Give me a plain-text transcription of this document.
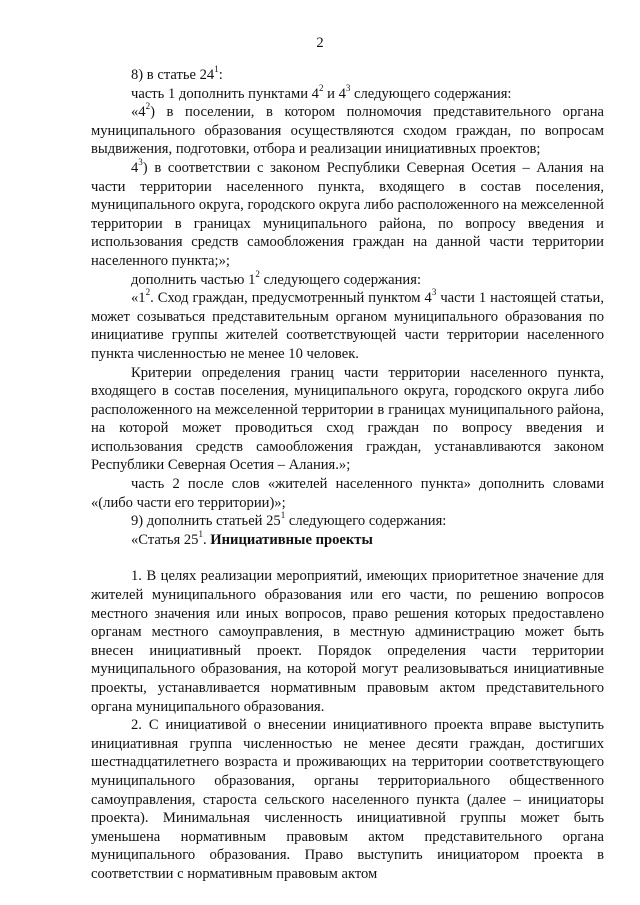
2

8) в статье $24^1$:

часть 1 дополнить пунктами $4^2$ и $4^3$ следующего содержания:

«$4^2$) в поселении, в котором полномочия представительного органа муниципального образования осуществляются сходом граждан, по вопросам выдвижения, подготовки, отбора и реализации инициативных проектов;

$4^3$) в соответствии с законом Республики Северная Осетия – Алания на части территории населенного пункта, входящего в состав поселения, муниципального округа, городского округа либо расположенного на межселенной территории в границах муниципального района, по вопросу введения и использования средств самообложения граждан на данной части территории населенного пункта;»;

дополнить частью $1^2$ следующего содержания:

«$1^2$. Сход граждан, предусмотренный пунктом $4^3$ части 1 настоящей статьи, может созываться представительным органом муниципального образования по инициативе группы жителей соответствующей части территории населенного пункта численностью не менее 10 человек.

Критерии определения границ части территории населенного пункта, входящего в состав поселения, муниципального округа, городского округа либо расположенного на межселенной территории в границах муниципального района, на которой может проводиться сход граждан по вопросу введения и использования средств самообложения граждан, устанавливаются законом Республики Северная Осетия – Алания.»;

часть 2 после слов «жителей населенного пункта» дополнить словами «(либо части его территории)»;

9) дополнить статьей $25^1$ следующего содержания:

«Статья $25^1$. Инициативные проекты

1. В целях реализации мероприятий, имеющих приоритетное значение для жителей муниципального образования или его части, по решению вопросов местного значения или иных вопросов, право решения которых предоставлено органам местного самоуправления, в местную администрацию может быть внесен инициативный проект. Порядок определения части территории муниципального образования, на которой могут реализовываться инициативные проекты, устанавливается нормативным правовым актом представительного органа муниципального образования.

2. С инициативой о внесении инициативного проекта вправе выступить инициативная группа численностью не менее десяти граждан, достигших шестнадцатилетнего возраста и проживающих на территории соответствующего муниципального образования, органы территориального общественного самоуправления, староста сельского населенного пункта (далее – инициаторы проекта). Минимальная численность инициативной группы может быть уменьшена нормативным правовым актом представительного органа муниципального образования. Право выступить инициатором проекта в соответствии с нормативным правовым актом
